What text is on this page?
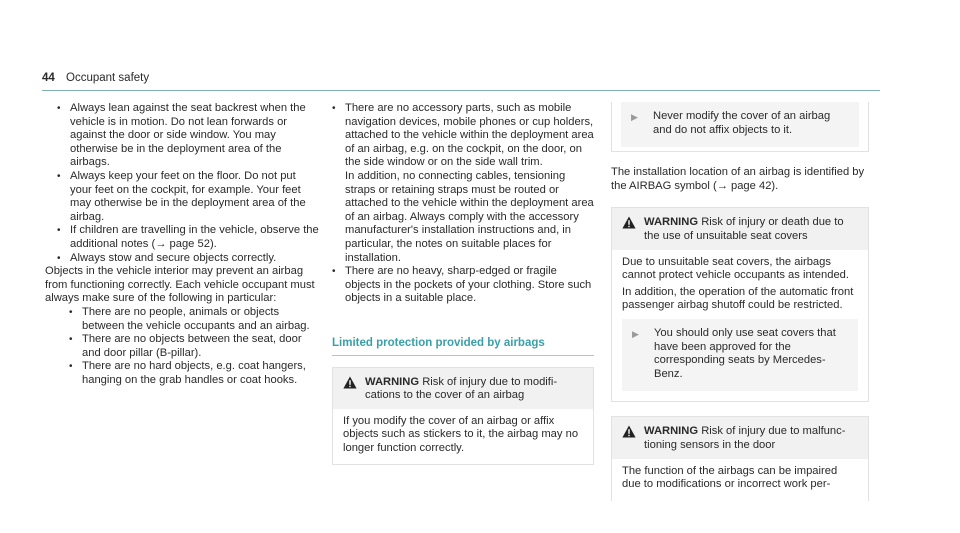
44 Occupant safety

• Always lean against the seat backrest when the vehicle is in motion. Do not lean forwards or against the door or side window. You may otherwise be in the deployment area of the airbags.

• Always keep your feet on the floor. Do not put your feet on the cockpit, for example. Your feet may otherwise be in the deployment area of the airbag.

• If children are travelling in the vehicle, observe the additional notes (→ page 52).

• Always stow and secure objects correctly.

Objects in the vehicle interior may prevent an airbag from functioning correctly. Each vehicle occupant must always make sure of the following in particular:

• There are no people, animals or objects between the vehicle occupants and an airbag.

• There are no objects between the seat, door and door pillar (B-pillar).

• There are no hard objects, e.g. coat hangers, hanging on the grab handles or coat hooks.

• There are no accessory parts, such as mobile navigation devices, mobile phones or cup holders, attached to the vehicle within the deployment area of an airbag, e.g. on the cockpit, on the door, on the side window or on the side wall trim.

In addition, no connecting cables, tensioning straps or retaining straps must be routed or attached to the vehicle within the deployment area of an airbag. Always comply with the accessory manufacturer's installation instructions and, in particular, the notes on suitable places for installation.

• There are no heavy, sharp-edged or fragile objects in the pockets of your clothing. Store such objects in a suitable place.

Limited protection provided by airbags
WARNING Risk of injury due to modifications to the cover of an airbag

If you modify the cover of an airbag or affix objects such as stickers to it, the airbag may no longer function correctly.

▶	Never modify the cover of an airbag and do not affix objects to it.

The installation location of an airbag is identified by the AIRBAG symbol (→ page 42).

WARNING Risk of injury or death due to the use of unsuitable seat covers

Due to unsuitable seat covers, the airbags cannot protect vehicle occupants as intended.

In addition, the operation of the automatic front passenger airbag shutoff could be restricted.

▶	You should only use seat covers that have been approved for the corresponding seats by Mercedes-Benz.
WARNING Risk of injury due to malfunctioning sensors in the door

The function of the airbags can be impaired due to modifications or incorrect work per-
